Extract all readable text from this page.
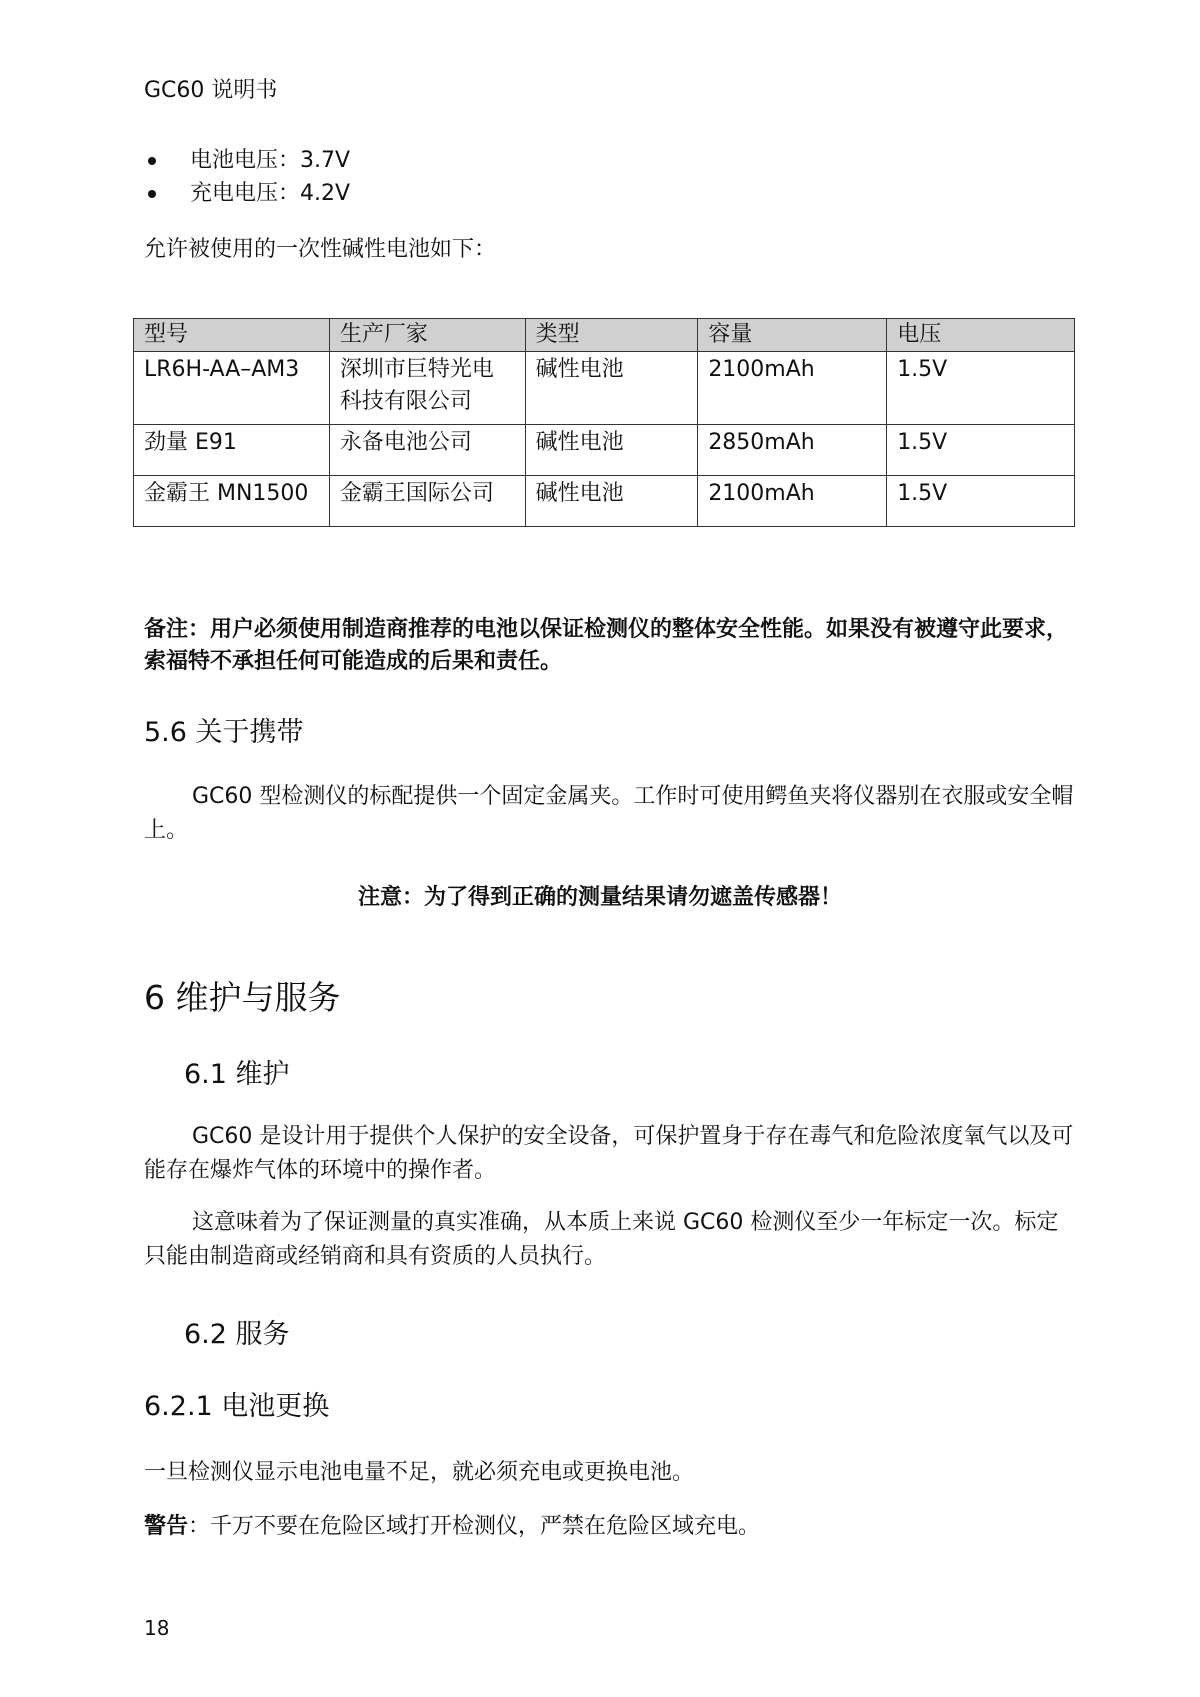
GC60 说明书
电池电压：3.7V
充电电压：4.2V
允许被使用的一次性碱性电池如下：
型号	生产厂家	类型	容量	电压
LR6H-AA–AM3	深圳市巨特光电科技有限公司	碱性电池	2100mAh	1.5V
劲量 E91	永备电池公司	碱性电池	2850mAh	1.5V
金霸王 MN1500	金霸王国际公司	碱性电池	2100mAh	1.5V
备注：用户必须使用制造商推荐的电池以保证检测仪的整体安全性能。如果没有被遵守此要求，索福特不承担任何可能造成的后果和责任。
5.6 关于携带
GC60 型检测仪的标配提供一个固定金属夹。工作时可使用鳄鱼夹将仪器别在衣服或安全帽上。
注意：为了得到正确的测量结果请勿遮盖传感器！
6 维护与服务
6.1 维护
GC60 是设计用于提供个人保护的安全设备，可保护置身于存在毒气和危险浓度氧气以及可能存在爆炸气体的环境中的操作者。
这意味着为了保证测量的真实准确，从本质上来说 GC60 检测仪至少一年标定一次。标定只能由制造商或经销商和具有资质的人员执行。
6.2 服务
6.2.1 电池更换
一旦检测仪显示电池电量不足，就必须充电或更换电池。
警告：千万不要在危险区域打开检测仪，严禁在危险区域充电。
18
